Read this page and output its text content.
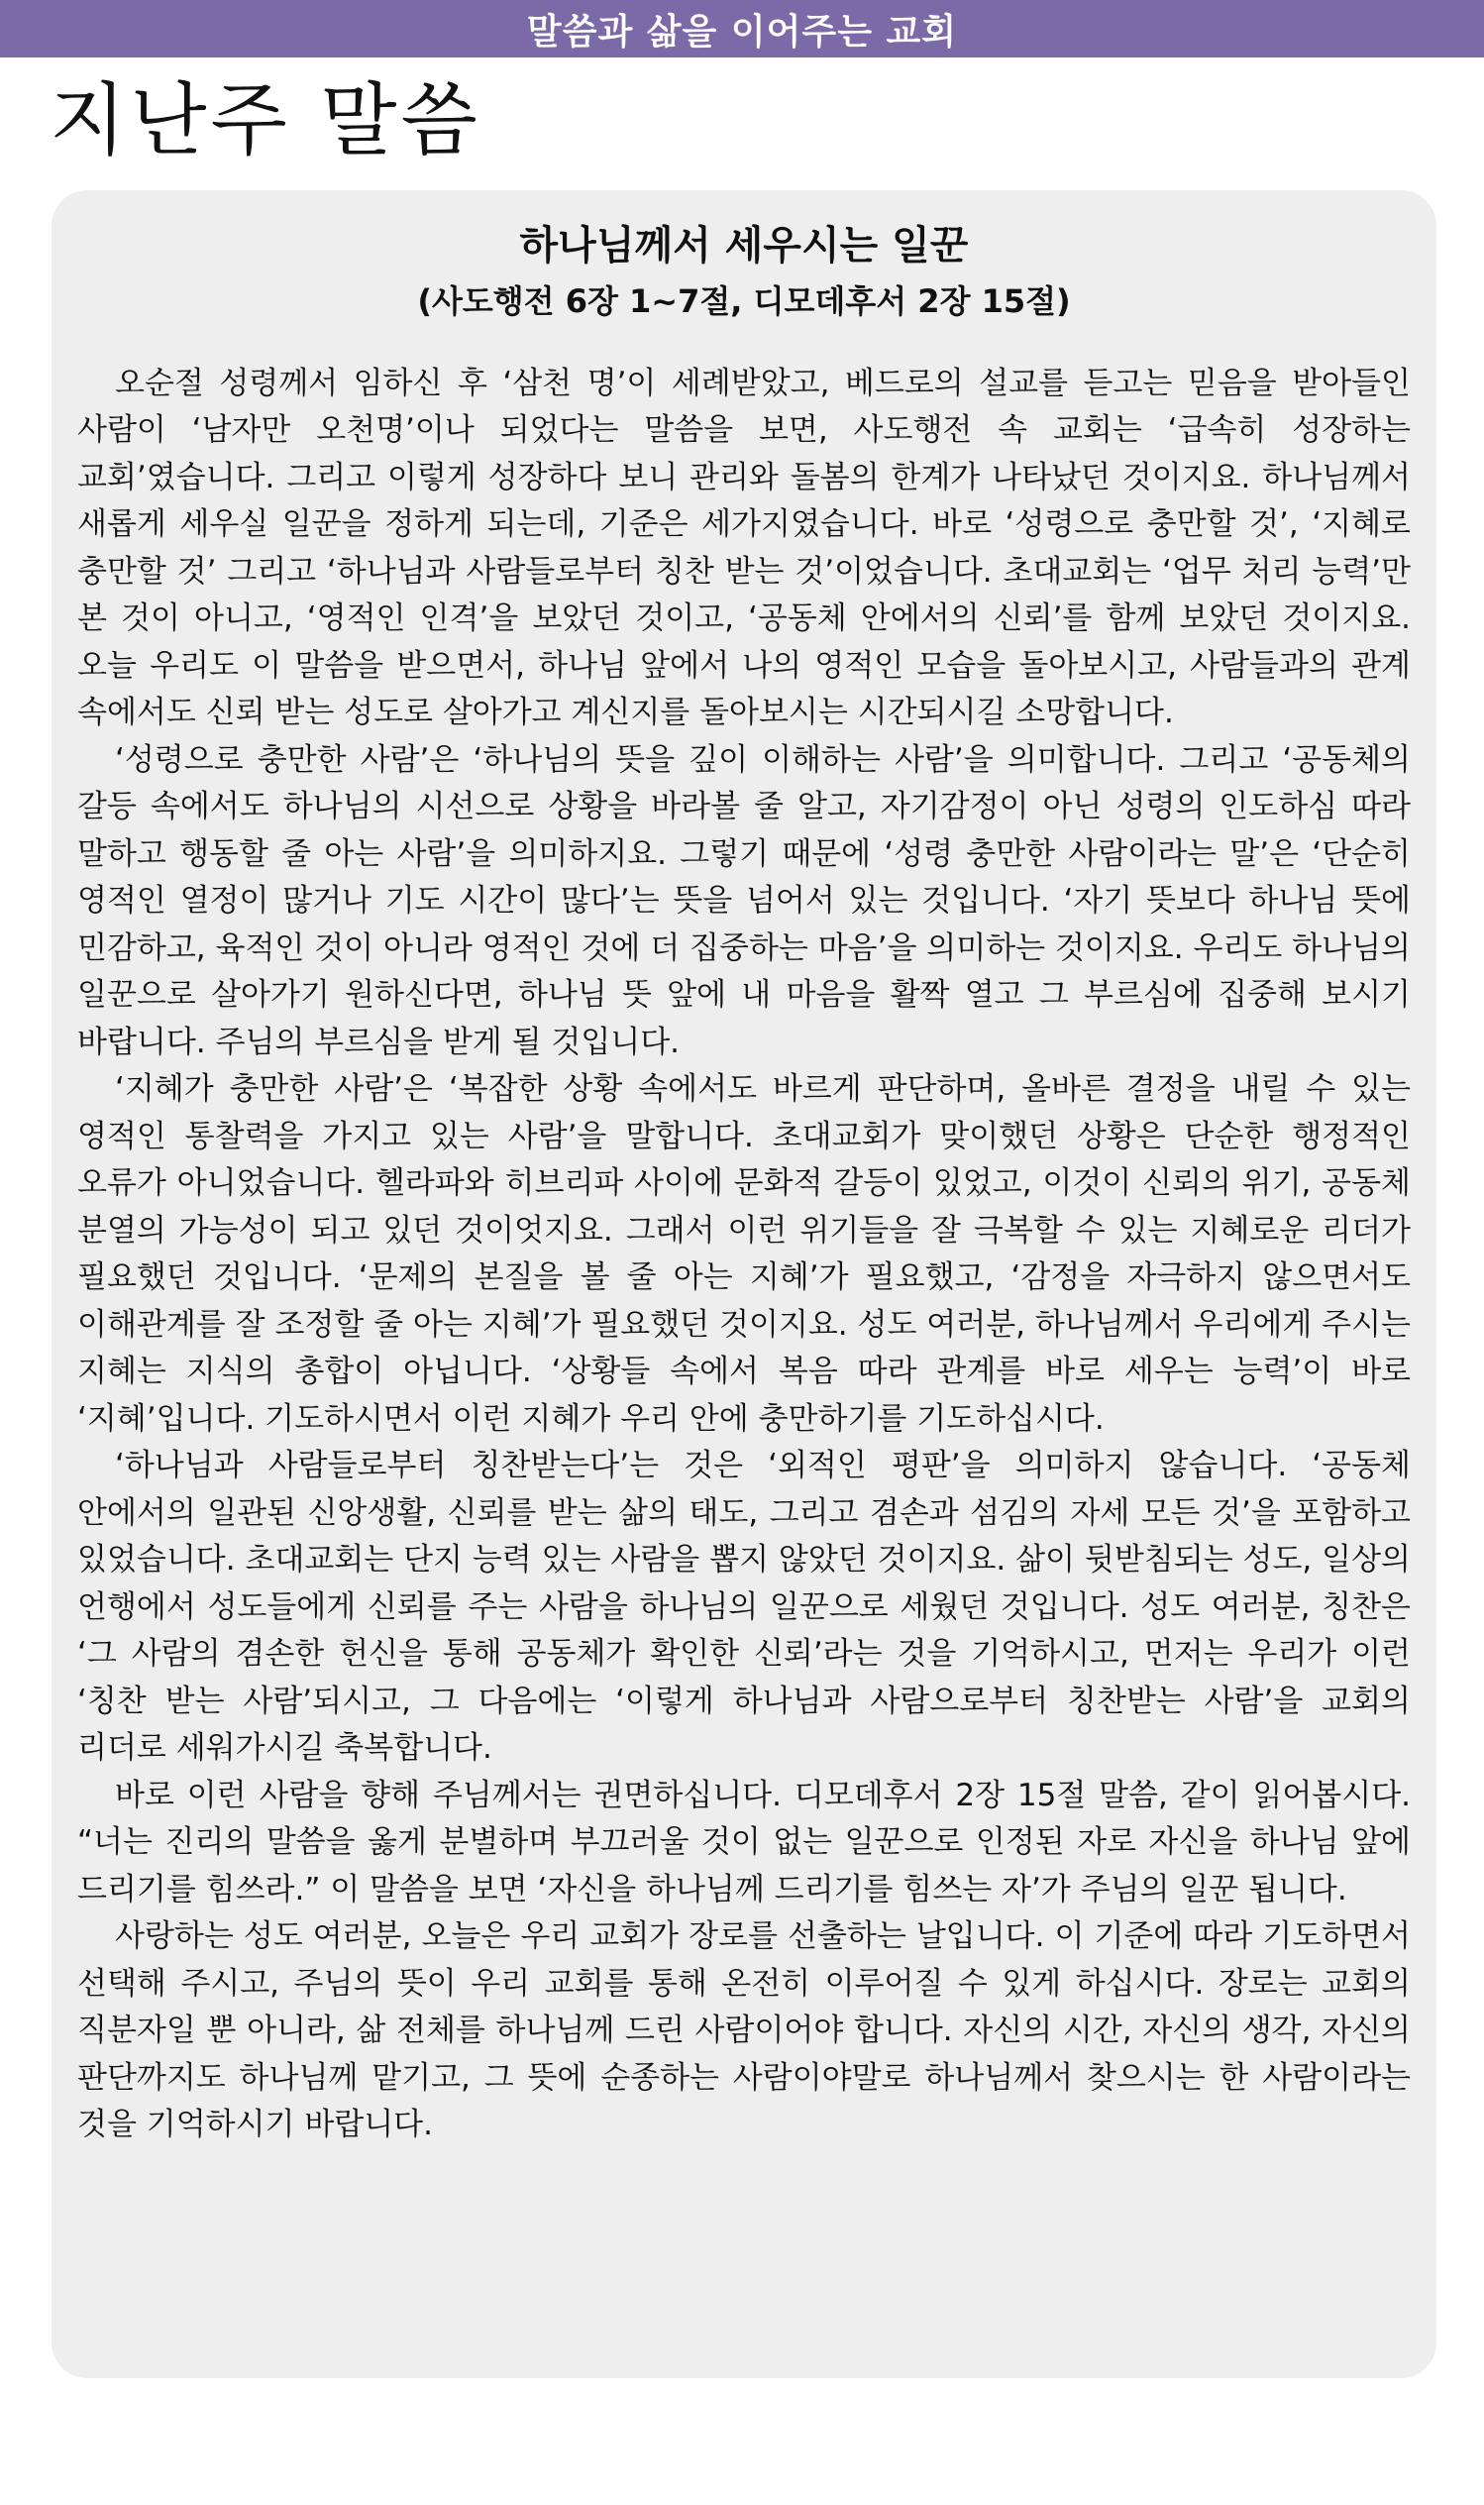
말씀과 삶을 이어주는 교회
지난주 말씀
하나님께서 세우시는 일꾼

(사도행전 6장 1~7절, 디모데후서 2장 15절)

오순절 성령께서 임하신 후 ‘삼천 명’이 세례받았고, 베드로의 설교를 듣고는 믿음을 받아들인 사람이 ‘남자만 오천명’이나 되었다는 말씀을 보면, 사도행전 속 교회는 ‘급속히 성장하는 교회’였습니다. 그리고 이렇게 성장하다 보니 관리와 돌봄의 한계가 나타났던 것이지요. 하나님께서 새롭게 세우실 일꾼을 정하게 되는데, 기준은 세가지였습니다. 바로 ‘성령으로 충만할 것’, ‘지혜로 충만할 것’ 그리고 ‘하나님과 사람들로부터 칭찬 받는 것’이었습니다. 초대교회는 ‘업무 처리 능력’만 본 것이 아니고, ‘영적인 인격’을 보았던 것이고, ‘공동체 안에서의 신뢰’를 함께 보았던 것이지요. 오늘 우리도 이 말씀을 받으면서, 하나님 앞에서 나의 영적인 모습을 돌아보시고, 사람들과의 관계 속에서도 신뢰 받는 성도로 살아가고 계신지를 돌아보시는 시간되시길 소망합니다.

‘성령으로 충만한 사람’은 ‘하나님의 뜻을 깊이 이해하는 사람’을 의미합니다. 그리고 ‘공동체의 갈등 속에서도 하나님의 시선으로 상황을 바라볼 줄 알고, 자기감정이 아닌 성령의 인도하심 따라 말하고 행동할 줄 아는 사람’을 의미하지요. 그렇기 때문에 ‘성령 충만한 사람이라는 말’은 ‘단순히 영적인 열정이 많거나 기도 시간이 많다’는 뜻을 넘어서 있는 것입니다. ‘자기 뜻보다 하나님 뜻에 민감하고, 육적인 것이 아니라 영적인 것에 더 집중하는 마음’을 의미하는 것이지요. 우리도 하나님의 일꾼으로 살아가기 원하신다면, 하나님 뜻 앞에 내 마음을 활짝 열고 그 부르심에 집중해 보시기 바랍니다. 주님의 부르심을 받게 될 것입니다.

‘지혜가 충만한 사람’은 ‘복잡한 상황 속에서도 바르게 판단하며, 올바른 결정을 내릴 수 있는 영적인 통찰력을 가지고 있는 사람’을 말합니다. 초대교회가 맞이했던 상황은 단순한 행정적인 오류가 아니었습니다. 헬라파와 히브리파 사이에 문화적 갈등이 있었고, 이것이 신뢰의 위기, 공동체 분열의 가능성이 되고 있던 것이엇지요. 그래서 이런 위기들을 잘 극복할 수 있는 지혜로운 리더가 필요했던 것입니다. ‘문제의 본질을 볼 줄 아는 지혜’가 필요했고, ‘감정을 자극하지 않으면서도 이해관계를 잘 조정할 줄 아는 지혜’가 필요했던 것이지요. 성도 여러분, 하나님께서 우리에게 주시는 지혜는 지식의 총합이 아닙니다. ‘상황들 속에서 복음 따라 관계를 바로 세우는 능력’이 바로 ‘지혜’입니다. 기도하시면서 이런 지혜가 우리 안에 충만하기를 기도하십시다.

‘하나님과 사람들로부터 칭찬받는다’는 것은 ‘외적인 평판’을 의미하지 않습니다. ‘공동체 안에서의 일관된 신앙생활, 신뢰를 받는 삶의 태도, 그리고 겸손과 섬김의 자세 모든 것’을 포함하고 있었습니다. 초대교회는 단지 능력 있는 사람을 뽑지 않았던 것이지요. 삶이 뒷받침되는 성도, 일상의 언행에서 성도들에게 신뢰를 주는 사람을 하나님의 일꾼으로 세웠던 것입니다. 성도 여러분, 칭찬은 ‘그 사람의 겸손한 헌신을 통해 공동체가 확인한 신뢰’라는 것을 기억하시고, 먼저는 우리가 이런 ‘칭찬 받는 사람’되시고, 그 다음에는 ‘이렇게 하나님과 사람으로부터 칭찬받는 사람’을 교회의 리더로 세워가시길 축복합니다.

바로 이런 사람을 향해 주님께서는 권면하십니다. 디모데후서 2장 15절 말씀, 같이 읽어봅시다. “너는 진리의 말씀을 옳게 분별하며 부끄러울 것이 없는 일꾼으로 인정된 자로 자신을 하나님 앞에 드리기를 힘쓰라.” 이 말씀을 보면 ‘자신을 하나님께 드리기를 힘쓰는 자’가 주님의 일꾼 됩니다.

사랑하는 성도 여러분, 오늘은 우리 교회가 장로를 선출하는 날입니다. 이 기준에 따라 기도하면서 선택해 주시고, 주님의 뜻이 우리 교회를 통해 온전히 이루어질 수 있게 하십시다. 장로는 교회의 직분자일 뿐 아니라, 삶 전체를 하나님께 드린 사람이어야 합니다. 자신의 시간, 자신의 생각, 자신의 판단까지도 하나님께 맡기고, 그 뜻에 순종하는 사람이야말로 하나님께서 찾으시는 한 사람이라는 것을 기억하시기 바랍니다.
